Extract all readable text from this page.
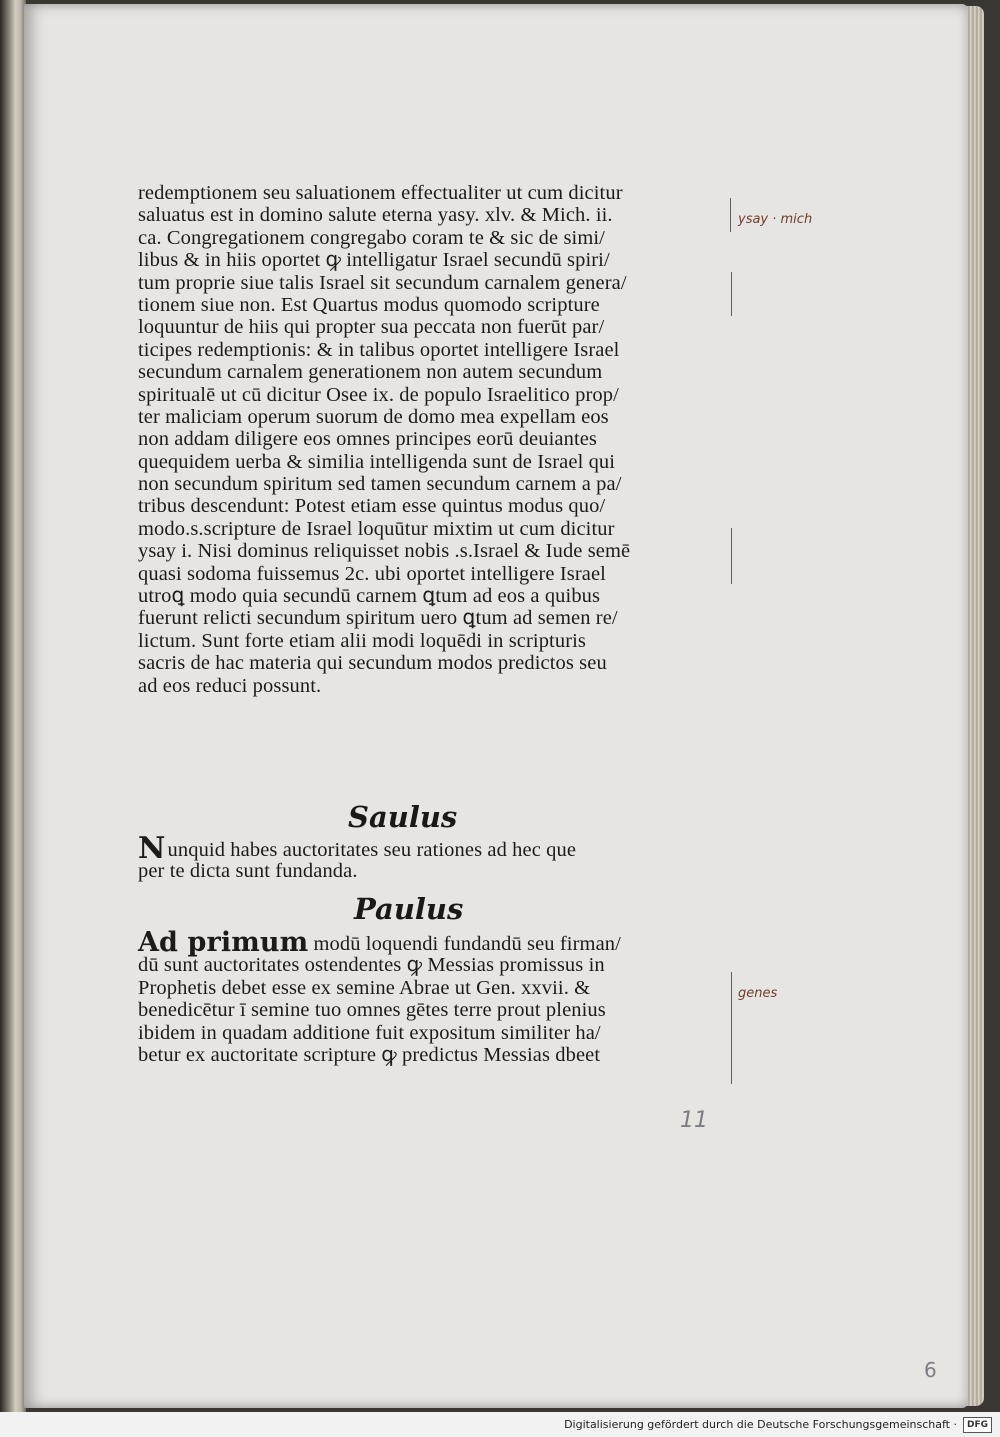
redemptionem seu saluationem effectualiter ut cum dicitur
saluatus est in domino salute eterna yasy. xlv. & Mich. ii.
ca. Congregationem congregabo coram te & sic de simi/
libus & in hiis oportet ꝙ intelligatur Israel secundū spiri/
tum proprie siue talis Israel sit secundum carnalem genera/
tionem siue non. Est Quartus modus quomodo scripture
loquuntur de hiis qui propter sua peccata non fuerūt par/
ticipes redemptionis: & in talibus oportet intelligere Israel
secundum carnalem generationem non autem secundum
spiritualē ut cū dicitur Osee ix. de populo Israelitico prop/
ter maliciam operum suorum de domo mea expellam eos
non addam diligere eos omnes principes eorū deuiantes
quequidem uerba & similia intelligenda sunt de Israel qui
non secundum spiritum sed tamen secundum carnem a pa/
tribus descendunt: Potest etiam esse quintus modus quo/
modo.s.scripture de Israel loquūtur mixtim ut cum dicitur
ysay i. Nisi dominus reliquisset nobis .s.Israel & Iude semē
quasi sodoma fuissemus 2c. ubi oportet intelligere Israel
utroꝗ modo quia secundū carnem ꝗtum ad eos a quibus
fuerunt relicti secundum spiritum uero ꝗtum ad semen re/
lictum. Sunt forte etiam alii modi loquēdi in scripturis
sacris de hac materia qui secundum modos predictos seu
ad eos reduci possunt.
Saulus
Nunquid habes auctoritates seu rationes ad hec que
per te dicta sunt fundanda.
Paulus
Ad primum modū loquendi fundandū seu firman/
dū sunt auctoritates ostendentes ꝙ Messias promissus in
Prophetis debet esse ex semine Abrae ut Gen. xxvii. &
benedicētur ī semine tuo omnes gētes terre prout plenius
ibidem in quadam additione fuit expositum similiter ha/
betur ex auctoritate scripture ꝙ predictus Messias dbeet
ysay · mich
genes
11
6
Digitalisierung gefördert durch die Deutsche Forschungsgemeinschaft ·	DFG
